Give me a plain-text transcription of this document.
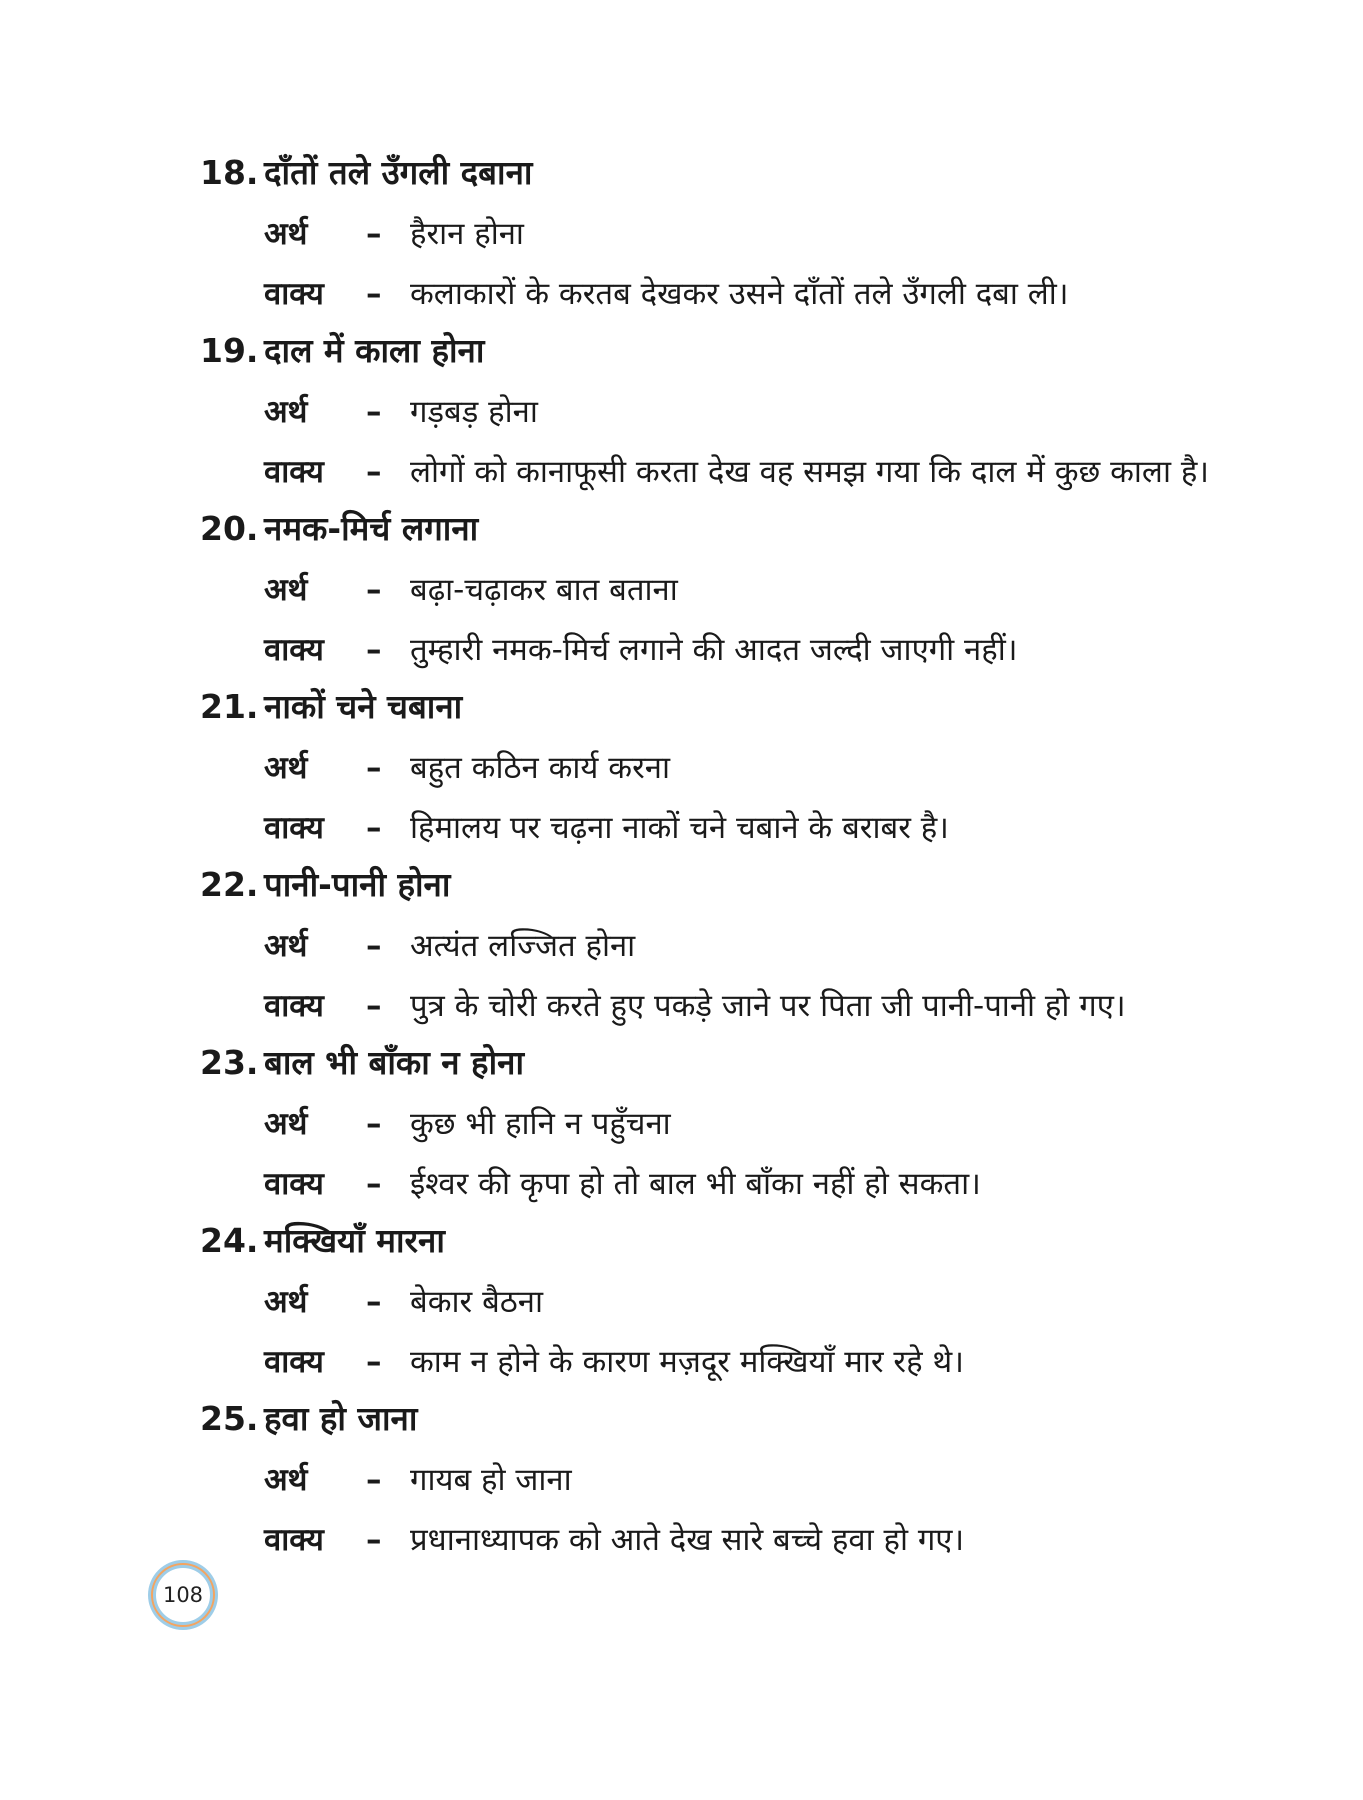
18. दाँतों तले उँगली दबाना
अर्थ – हैरान होना
वाक्य – कलाकारों के करतब देखकर उसने दाँतों तले उँगली दबा ली।
19. दाल में काला होना
अर्थ – गड़बड़ होना
वाक्य – लोगों को कानाफूसी करता देख वह समझ गया कि दाल में कुछ काला है।
20. नमक-मिर्च लगाना
अर्थ – बढ़ा-चढ़ाकर बात बताना
वाक्य – तुम्हारी नमक-मिर्च लगाने की आदत जल्दी जाएगी नहीं।
21. नाकों चने चबाना
अर्थ – बहुत कठिन कार्य करना
वाक्य – हिमालय पर चढ़ना नाकों चने चबाने के बराबर है।
22. पानी-पानी होना
अर्थ – अत्यंत लज्जित होना
वाक्य – पुत्र के चोरी करते हुए पकड़े जाने पर पिता जी पानी-पानी हो गए।
23. बाल भी बाँका न होना
अर्थ – कुछ भी हानि न पहुँचना
वाक्य – ईश्वर की कृपा हो तो बाल भी बाँका नहीं हो सकता।
24. मक्खियाँ मारना
अर्थ – बेकार बैठना
वाक्य – काम न होने के कारण मज़दूर मक्खियाँ मार रहे थे।
25. हवा हो जाना
अर्थ – गायब हो जाना
वाक्य – प्रधानाध्यापक को आते देख सारे बच्चे हवा हो गए।
108
